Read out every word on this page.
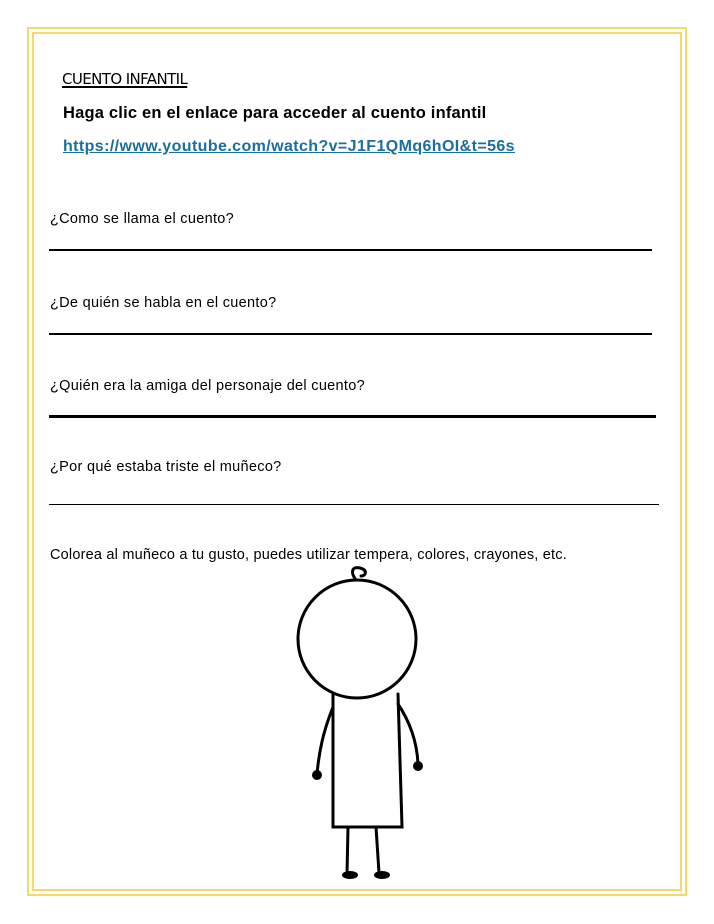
CUENTO INFANTIL
Haga clic en el enlace para acceder al cuento infantil
https://www.youtube.com/watch?v=J1F1QMq6hOI&t=56s
¿Como se llama el cuento?
¿De quién se habla en el cuento?
¿Quién era la amiga del personaje del cuento?
¿Por qué estaba triste el muñeco?
Colorea al muñeco a tu gusto, puedes utilizar tempera, colores, crayones, etc.
